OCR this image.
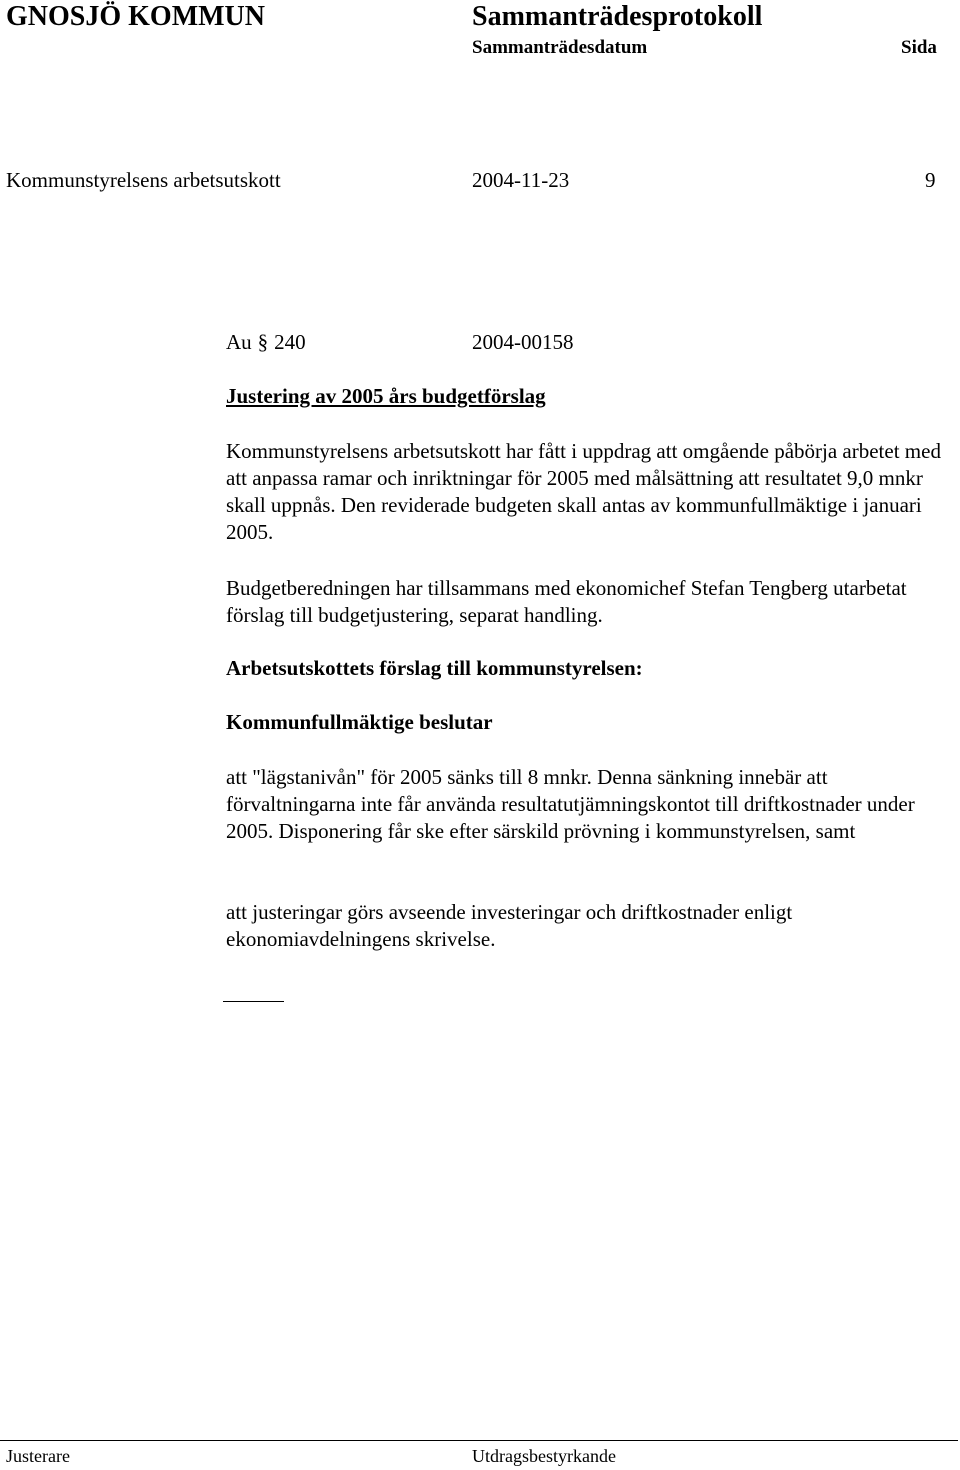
GNOSJÖ KOMMUN	Sammanträdesprotokoll
Sammanträdesdatum	Sida
Kommunstyrelsens arbetsutskott	2004-11-23	9
Au § 240	2004-00158
Justering av 2005 års budgetförslag
Kommunstyrelsens arbetsutskott har fått i uppdrag att omgående påbörja arbetet med att anpassa ramar och inriktningar för 2005 med målsättning att resultatet 9,0 mnkr skall uppnås. Den reviderade budgeten skall antas av kommunfullmäktige i januari 2005.
Budgetberedningen har tillsammans med ekonomichef Stefan Tengberg utarbetat förslag till budgetjustering, separat handling.
Arbetsutskottets förslag till kommunstyrelsen:
Kommunfullmäktige beslutar
att "lägstanivån" för 2005 sänks till 8 mnkr. Denna sänkning innebär att förvaltningarna inte får använda resultatutjämningskontot till driftkostnader under 2005. Disponering får ske efter särskild prövning i kommunstyrelsen, samt
att justeringar görs avseende investeringar och driftkostnader enligt ekonomiavdelningens skrivelse.
Justerare	Utdragsbestyrkande
